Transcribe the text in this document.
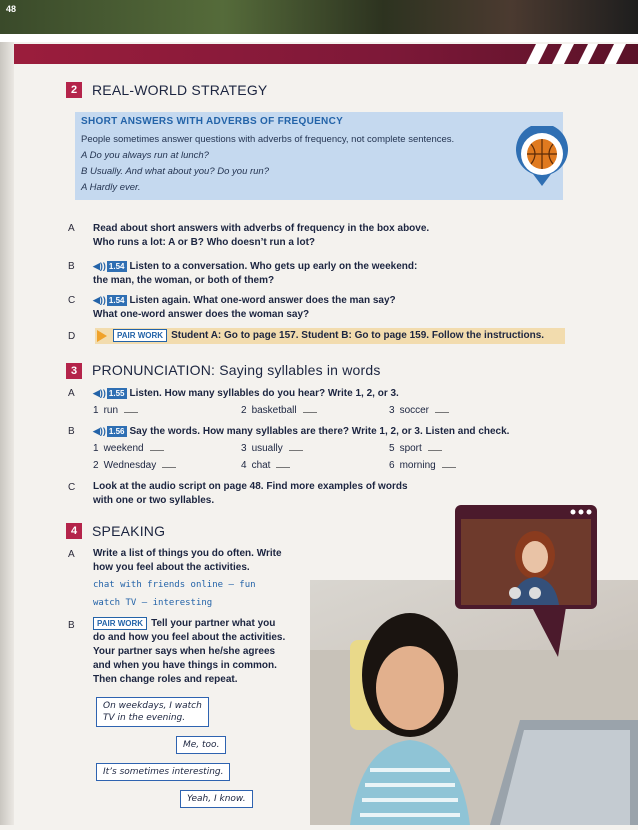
48
2	REAL-WORLD STRATEGY
SHORT ANSWERS WITH ADVERBS OF FREQUENCY
People sometimes answer questions with adverbs of frequency, not complete sentences.
A Do you always run at lunch?
B Usually. And what about you? Do you run?
A Hardly ever.
A Read about short answers with adverbs of frequency in the box above.
Who runs a lot: A or B? Who doesn’t run a lot?
B ◀)) 1.54 Listen to a conversation. Who gets up early on the weekend:
the man, the woman, or both of them?
C ◀)) 1.54 Listen again. What one-word answer does the man say?
What one-word answer does the woman say?
D	PAIR WORK Student A: Go to page 157. Student B: Go to page 159. Follow the instructions.
3	PRONUNCIATION: Saying syllables in words
A ◀)) 1.55 Listen. How many syllables do you hear? Write 1, 2, or 3.
1 run	2 basketball	3 soccer
B ◀)) 1.56 Say the words. How many syllables are there? Write 1, 2, or 3. Listen and check.
1 weekend	3 usually	5 sport
2 Wednesday	4 chat	6 morning
C Look at the audio script on page 48. Find more examples of words
with one or two syllables.
4	SPEAKING
A Write a list of things you do often. Write
how you feel about the activities.
chat with friends online – fun
watch TV – interesting
B	PAIR WORK Tell your partner what you
do and how you feel about the activities.
Your partner says when he/she agrees
and when you have things in common.
Then change roles and repeat.
On weekdays, I watch
TV in the evening.
Me, too.
It’s sometimes interesting.
Yeah, I know.
